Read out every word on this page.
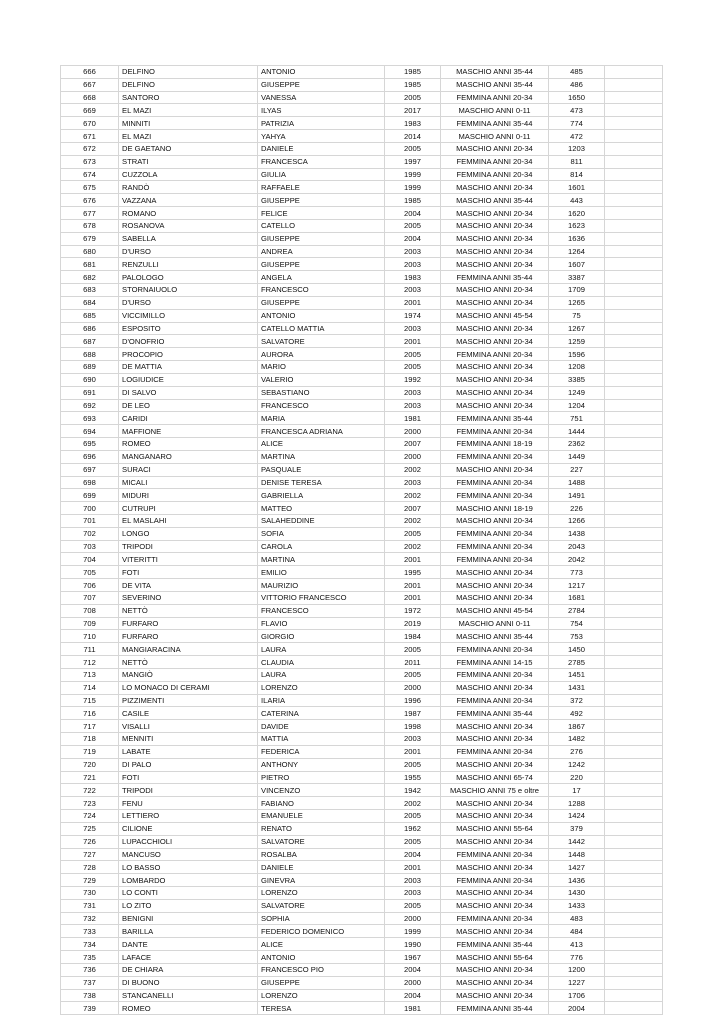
666	DELFINO	ANTONIO	1985	MASCHIO ANNI 35-44	485	
667	DELFINO	GIUSEPPE	1985	MASCHIO ANNI 35-44	486	
668	SANTORO	VANESSA	2005	FEMMINA ANNI 20-34	1650	
669	EL MAZI	ILYAS	2017	MASCHIO ANNI 0-11	473	
670	MINNITI	PATRIZIA	1983	FEMMINA ANNI 35-44	774	
671	EL MAZI	YAHYA	2014	MASCHIO ANNI 0-11	472	
672	DE GAETANO	DANIELE	2005	MASCHIO ANNI 20-34	1203	
673	STRATI	FRANCESCA	1997	FEMMINA ANNI 20-34	811	
674	CUZZOLA	GIULIA	1999	FEMMINA ANNI 20-34	814	
675	RANDÒ	RAFFAELE	1999	MASCHIO ANNI 20-34	1601	
676	VAZZANA	GIUSEPPE	1985	MASCHIO ANNI 35-44	443	
677	ROMANO	FELICE	2004	MASCHIO ANNI 20-34	1620	
678	ROSANOVA	CATELLO	2005	MASCHIO ANNI 20-34	1623	
679	SABELLA	GIUSEPPE	2004	MASCHIO ANNI 20-34	1636	
680	D'URSO	ANDREA	2003	MASCHIO ANNI 20-34	1264	
681	RENZULLI	GIUSEPPE	2003	MASCHIO ANNI 20-34	1607	
682	PALOLOGO	ANGELA	1983	FEMMINA ANNI 35-44	3387	
683	STORNAIUOLO	FRANCESCO	2003	MASCHIO ANNI 20-34	1709	
684	D'URSO	GIUSEPPE	2001	MASCHIO ANNI 20-34	1265	
685	VICCIMILLO	ANTONIO	1974	MASCHIO ANNI 45-54	75	
686	ESPOSITO	CATELLO MATTIA	2003	MASCHIO ANNI 20-34	1267	
687	D'ONOFRIO	SALVATORE	2001	MASCHIO ANNI 20-34	1259	
688	PROCOPIO	AURORA	2005	FEMMINA ANNI 20-34	1596	
689	DE MATTIA	MARIO	2005	MASCHIO ANNI 20-34	1208	
690	LOGIUDICE	VALERIO	1992	MASCHIO ANNI 20-34	3385	
691	DI SALVO	SEBASTIANO	2003	MASCHIO ANNI 20-34	1249	
692	DE LEO	FRANCESCO	2003	MASCHIO ANNI 20-34	1204	
693	CARIDI	MARIA	1981	FEMMINA ANNI 35-44	751	
694	MAFFIONE	FRANCESCA ADRIANA	2000	FEMMINA ANNI 20-34	1444	
695	ROMEO	ALICE	2007	FEMMINA ANNI 18-19	2362	
696	MANGANARO	MARTINA	2000	FEMMINA ANNI 20-34	1449	
697	SURACI	PASQUALE	2002	MASCHIO ANNI 20-34	227	
698	MICALI	DENISE TERESA	2003	FEMMINA ANNI 20-34	1488	
699	MIDURI	GABRIELLA	2002	FEMMINA ANNI 20-34	1491	
700	CUTRUPI	MATTEO	2007	MASCHIO ANNI 18-19	226	
701	EL MASLAHI	SALAHEDDINE	2002	MASCHIO ANNI 20-34	1266	
702	LONGO	SOFIA	2005	FEMMINA ANNI 20-34	1438	
703	TRIPODI	CAROLA	2002	FEMMINA ANNI 20-34	2043	
704	VITERITTI	MARTINA	2001	FEMMINA ANNI 20-34	2042	
705	FOTI	EMILIO	1995	MASCHIO ANNI 20-34	773	
706	DE VITA	MAURIZIO	2001	MASCHIO ANNI 20-34	1217	
707	SEVERINO	VITTORIO FRANCESCO	2001	MASCHIO ANNI 20-34	1681	
708	NETTÒ	FRANCESCO	1972	MASCHIO ANNI 45-54	2784	
709	FURFARO	FLAVIO	2019	MASCHIO ANNI 0-11	754	
710	FURFARO	GIORGIO	1984	MASCHIO ANNI 35-44	753	
711	MANGIARACINA	LAURA	2005	FEMMINA ANNI 20-34	1450	
712	NETTÒ	CLAUDIA	2011	FEMMINA ANNI 14-15	2785	
713	MANGIÒ	LAURA	2005	FEMMINA ANNI 20-34	1451	
714	LO MONACO DI CERAMI	LORENZO	2000	MASCHIO ANNI 20-34	1431	
715	PIZZIMENTI	ILARIA	1996	FEMMINA ANNI 20-34	372	
716	CASILE	CATERINA	1987	FEMMINA ANNI 35-44	492	
717	VISALLI	DAVIDE	1998	MASCHIO ANNI 20-34	1867	
718	MENNITI	MATTIA	2003	MASCHIO ANNI 20-34	1482	
719	LABATE	FEDERICA	2001	FEMMINA ANNI 20-34	276	
720	DI PALO	ANTHONY	2005	MASCHIO ANNI 20-34	1242	
721	FOTI	PIETRO	1955	MASCHIO ANNI 65-74	220	
722	TRIPODI	VINCENZO	1942	MASCHIO ANNI 75 e oltre	17	
723	FENU	FABIANO	2002	MASCHIO ANNI 20-34	1288	
724	LETTIERO	EMANUELE	2005	MASCHIO ANNI 20-34	1424	
725	CILIONE	RENATO	1962	MASCHIO ANNI 55-64	379	
726	LUPACCHIOLI	SALVATORE	2005	MASCHIO ANNI 20-34	1442	
727	MANCUSO	ROSALBA	2004	FEMMINA ANNI 20-34	1448	
728	LO BASSO	DANIELE	2001	MASCHIO ANNI 20-34	1427	
729	LOMBARDO	GINEVRA	2003	FEMMINA ANNI 20-34	1436	
730	LO CONTI	LORENZO	2003	MASCHIO ANNI 20-34	1430	
731	LO ZITO	SALVATORE	2005	MASCHIO ANNI 20-34	1433	
732	BENIGNI	SOPHIA	2000	FEMMINA ANNI 20-34	483	
733	BARILLA	FEDERICO DOMENICO	1999	MASCHIO ANNI 20-34	484	
734	DANTE	ALICE	1990	FEMMINA ANNI 35-44	413	
735	LAFACE	ANTONIO	1967	MASCHIO ANNI 55-64	776	
736	DE CHIARA	FRANCESCO PIO	2004	MASCHIO ANNI 20-34	1200	
737	DI BUONO	GIUSEPPE	2000	MASCHIO ANNI 20-34	1227	
738	STANCANELLI	LORENZO	2004	MASCHIO ANNI 20-34	1706	
739	ROMEO	TERESA	1981	FEMMINA ANNI 35-44	2004	
